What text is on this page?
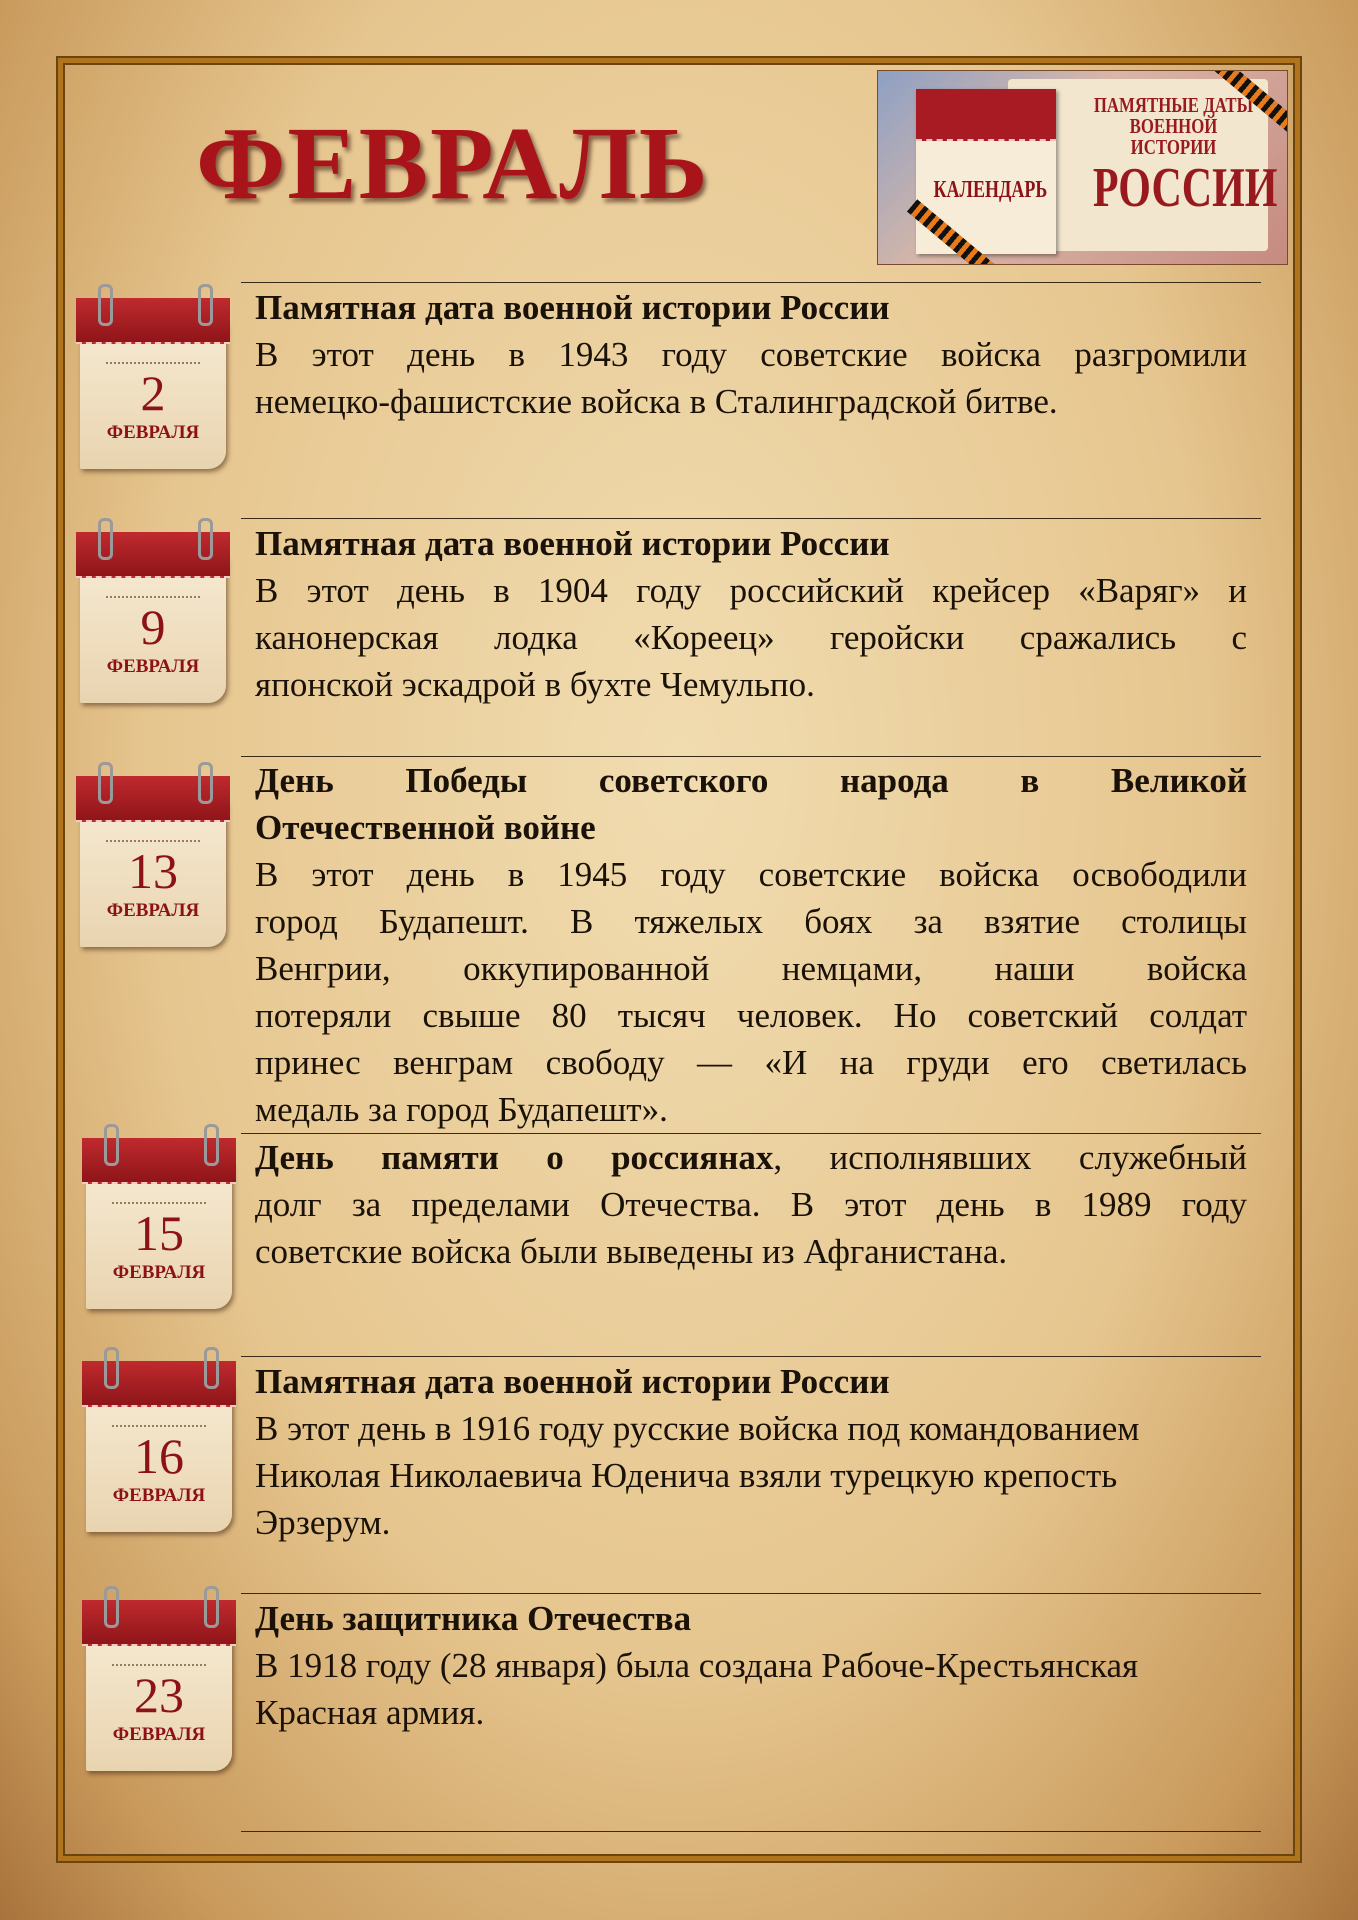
ФЕВРАЛЬ	КАЛЕНДАРЬ
ПАМЯТНЫЕ ДАТЫ
ВОЕННОЙ ИСТОРИИ
РОССИИ
2
ФЕВРАЛЯ
9
ФЕВРАЛЯ
13
ФЕВРАЛЯ
15
ФЕВРАЛЯ
16
ФЕВРАЛЯ
23
ФЕВРАЛЯ
Памятная дата военной истории России
В этот день в 1943 году советские войска разгромили
немецко-фашистские войска в Сталинградской битве.
Памятная дата военной истории России
В этот день в 1904 году российский крейсер «Варяг» и
канонерская лодка «Кореец» геройски сражались с
японской эскадрой в бухте Чемульпо.
День Победы советского народа в Великой
Отечественной войне
В этот день в 1945 году советские войска освободили
город Будапешт. В тяжелых боях за взятие столицы
Венгрии, оккупированной немцами, наши войска
потеряли свыше 80 тысяч человек. Но советский солдат
принес венграм свободу — «И на груди его светилась
медаль за город Будапешт».
День памяти о россиянах, исполнявших служебный
долг за пределами Отечества. В этот день в 1989 году
советские войска были выведены из Афганистана.
Памятная дата военной истории России
В этот день в 1916 году русские войска под командованием
Николая Николаевича Юденича взяли турецкую крепость
Эрзерум.
День защитника Отечества
В 1918 году (28 января) была создана Рабоче-Крестьянская
Красная армия.
